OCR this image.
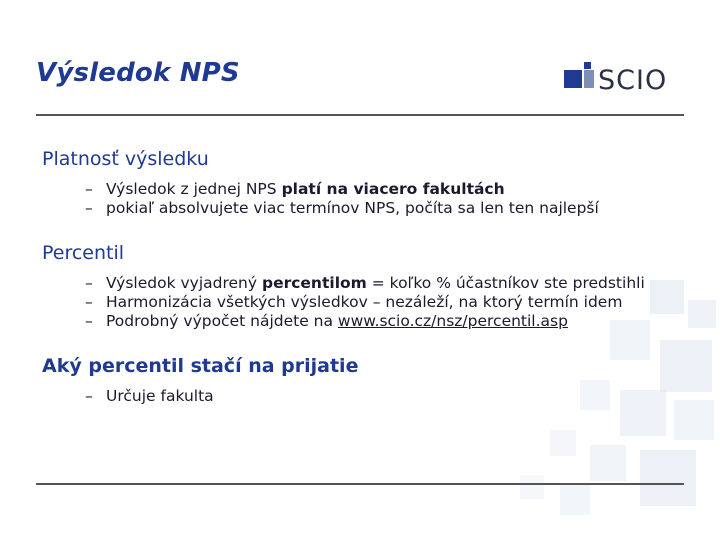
Výsledok NPS	SCIO
Platnosť výsledku
– Výsledok z jednej NPS platí na viacero fakultách
– pokiaľ absolvujete viac termínov NPS, počíta sa len ten najlepší
Percentil
– Výsledok vyjadrený percentilom = koľko % účastníkov ste predstihli
– Harmonizácia všetkých výsledkov – nezáleží, na ktorý termín idem
– Podrobný výpočet nájdete na www.scio.cz/nsz/percentil.asp
Aký percentil stačí na prijatie
– Určuje fakulta
